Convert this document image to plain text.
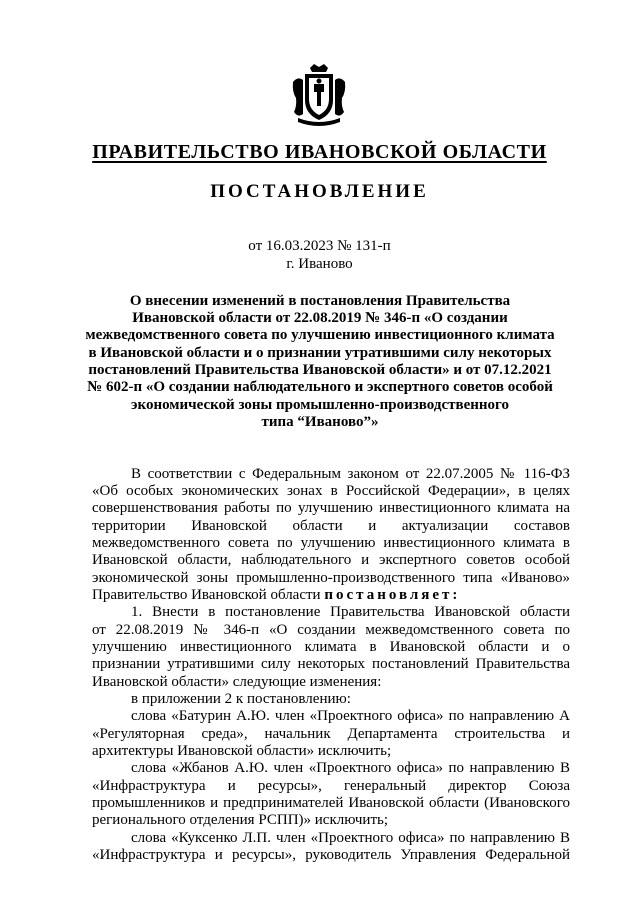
ПРАВИТЕЛЬСТВО ИВАНОВСКОЙ ОБЛАСТИ
ПОСТАНОВЛЕНИЕ
от 16.03.2023 № 131-п
г. Иваново
О внесении изменений в постановления Правительства
Ивановской области от 22.08.2019 № 346-п «О создании
межведомственного совета по улучшению инвестиционного климата
в Ивановской области и о признании утратившими силу некоторых
постановлений Правительства Ивановской области» и от 07.12.2021
№ 602-п «О создании наблюдательного и экспертного советов особой
экономической зоны промышленно-производственного
типа “Иваново”»
В соответствии с Федеральным законом от 22.07.2005 № 116-ФЗ
«Об особых экономических зонах в Российской Федерации», в целях
совершенствования работы по улучшению инвестиционного климата на
территории Ивановской области и актуализации составов
межведомственного совета по улучшению инвестиционного климата в
Ивановской области, наблюдательного и экспертного советов особой
экономической зоны промышленно-производственного типа «Иваново»
Правительство Ивановской области постановляет:
1. Внести в постановление Правительства Ивановской области
от 22.08.2019 № 346-п «О создании межведомственного совета по
улучшению инвестиционного климата в Ивановской области и о
признании утратившими силу некоторых постановлений Правительства
Ивановской области» следующие изменения:
в приложении 2 к постановлению:
слова «Батурин А.Ю. член «Проектного офиса» по направлению А
«Регуляторная среда», начальник Департамента строительства и
архитектуры Ивановской области» исключить;
слова «Жбанов А.Ю. член «Проектного офиса» по направлению В
«Инфраструктура и ресурсы», генеральный директор Союза
промышленников и предпринимателей Ивановской области (Ивановского
регионального отделения РСПП)» исключить;
слова «Куксенко Л.П. член «Проектного офиса» по направлению В
«Инфраструктура и ресурсы», руководитель Управления Федеральной
